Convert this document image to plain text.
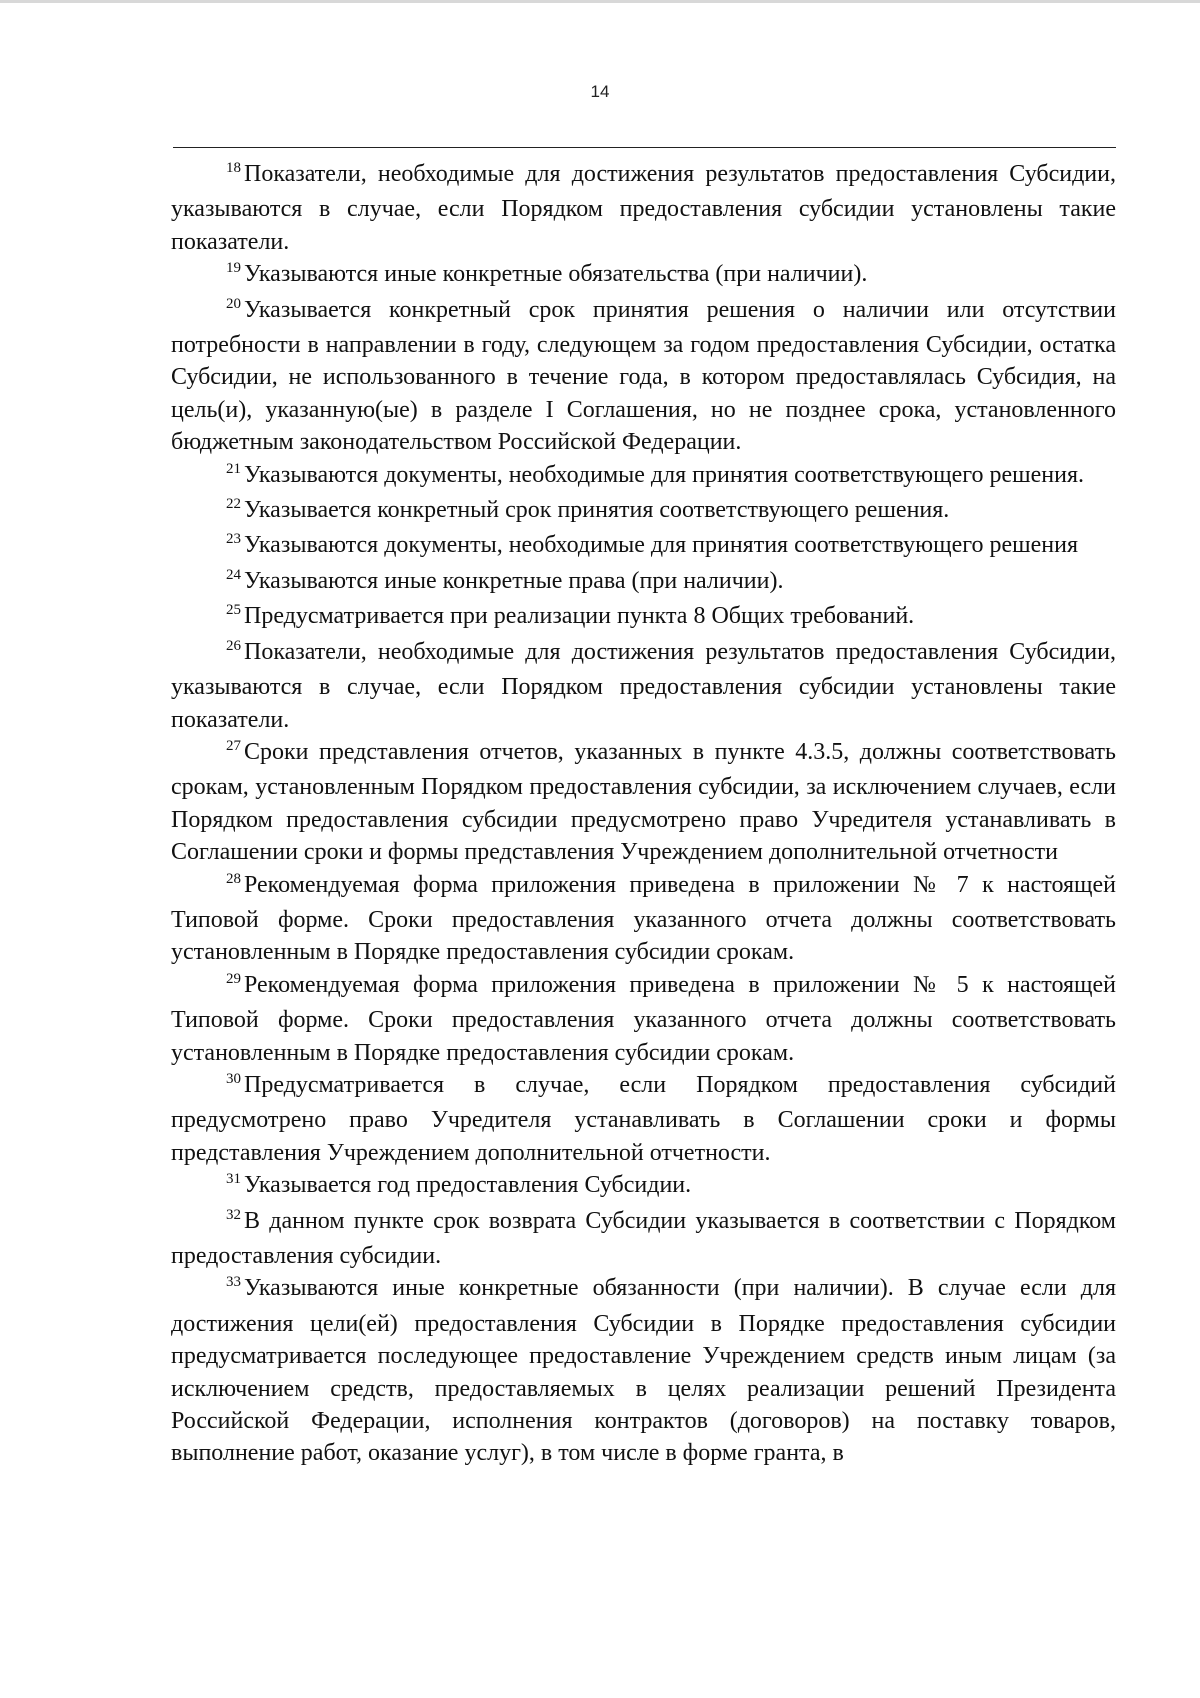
14

$^{18}$ Показатели, необходимые для достижения результатов предоставления Субсидии, указываются в случае, если Порядком предоставления субсидии установлены такие показатели.

$^{19}$ Указываются иные конкретные обязательства (при наличии).

$^{20}$ Указывается конкретный срок принятия решения о наличии или отсутствии потребности в направлении в году, следующем за годом предоставления Субсидии, остатка Субсидии, не использованного в течение года, в котором предоставлялась Субсидия, на цель(и), указанную(ые) в разделе I Соглашения, но не позднее срока, установленного бюджетным законодательством Российской Федерации.

$^{21}$ Указываются документы, необходимые для принятия соответствующего решения.

$^{22}$ Указывается конкретный срок принятия соответствующего решения.

$^{23}$ Указываются документы, необходимые для принятия соответствующего решения

$^{24}$ Указываются иные конкретные права (при наличии).

$^{25}$ Предусматривается при реализации пункта 8 Общих требований.

$^{26}$ Показатели, необходимые для достижения результатов предоставления Субсидии, указываются в случае, если Порядком предоставления субсидии установлены такие показатели.

$^{27}$ Сроки представления отчетов, указанных в пункте 4.3.5, должны соответствовать срокам, установленным Порядком предоставления субсидии, за исключением случаев, если Порядком предоставления субсидии предусмотрено право Учредителя устанавливать в Соглашении сроки и формы представления Учреждением дополнительной отчетности

$^{28}$ Рекомендуемая форма приложения приведена в приложении № 7 к настоящей Типовой форме. Сроки предоставления указанного отчета должны соответствовать установленным в Порядке предоставления субсидии срокам.

$^{29}$ Рекомендуемая форма приложения приведена в приложении № 5 к настоящей Типовой форме. Сроки предоставления указанного отчета должны соответствовать установленным в Порядке предоставления субсидии срокам.

$^{30}$ Предусматривается в случае, если Порядком предоставления субсидий предусмотрено право Учредителя устанавливать в Соглашении сроки и формы представления Учреждением дополнительной отчетности.

$^{31}$ Указывается год предоставления Субсидии.

$^{32}$ В данном пункте срок возврата Субсидии указывается в соответствии с Порядком предоставления субсидии.

$^{33}$ Указываются иные конкретные обязанности (при наличии). В случае если для достижения цели(ей) предоставления Субсидии в Порядке предоставления субсидии предусматривается последующее предоставление Учреждением средств иным лицам (за исключением средств, предоставляемых в целях реализации решений Президента Российской Федерации, исполнения контрактов (договоров) на поставку товаров, выполнение работ, оказание услуг), в том числе в форме гранта, в
